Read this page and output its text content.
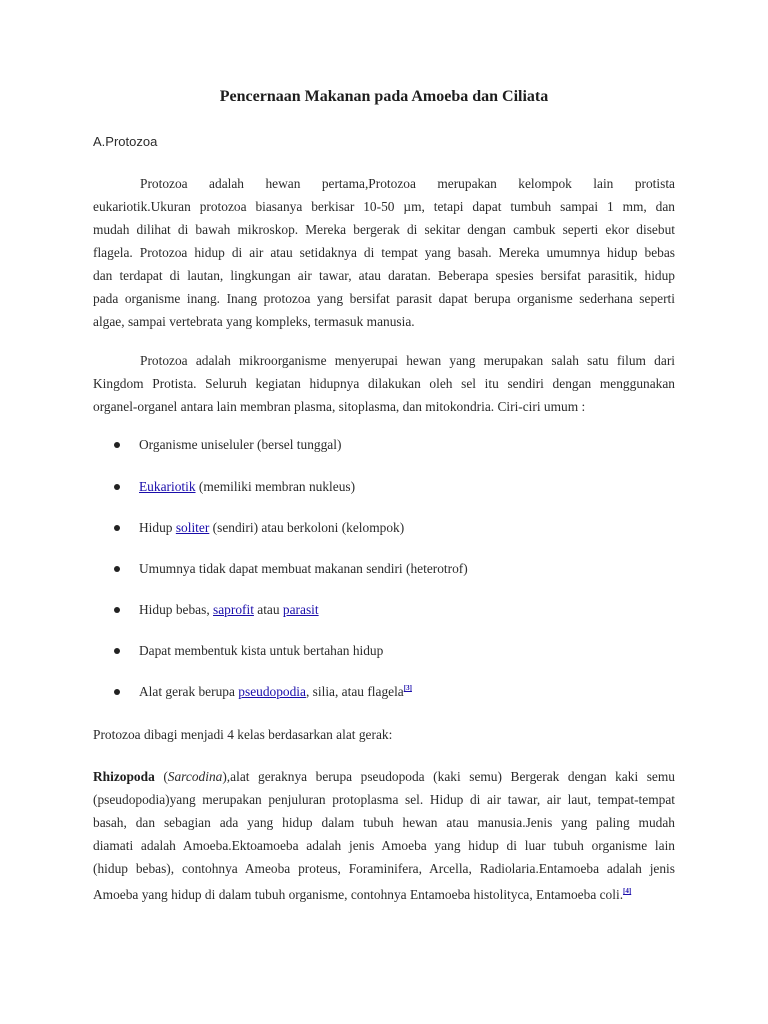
Pencernaan Makanan pada Amoeba dan Ciliata
A.Protozoa
Protozoa adalah hewan pertama,Protozoa merupakan kelompok lain protista
eukariotik.Ukuran protozoa biasanya berkisar 10-50 µm, tetapi dapat tumbuh sampai 1 mm, dan
mudah dilihat di bawah mikroskop. Mereka bergerak di sekitar dengan cambuk seperti ekor disebut
flagela. Protozoa hidup di air atau setidaknya di tempat yang basah. Mereka umumnya hidup bebas
dan terdapat di lautan, lingkungan air tawar, atau daratan. Beberapa spesies bersifat parasitik, hidup
pada organisme inang. Inang protozoa yang bersifat parasit dapat berupa organisme sederhana seperti
algae, sampai vertebrata yang kompleks, termasuk manusia.
Protozoa adalah mikroorganisme menyerupai hewan yang merupakan salah satu filum dari
Kingdom Protista. Seluruh kegiatan hidupnya dilakukan oleh sel itu sendiri dengan menggunakan
organel-organel antara lain membran plasma, sitoplasma, dan mitokondria. Ciri-ciri umum :
Organisme uniseluler (bersel tunggal)
Eukariotik (memiliki membran nukleus)
Hidup soliter (sendiri) atau berkoloni (kelompok)
Umumnya tidak dapat membuat makanan sendiri (heterotrof)
Hidup bebas, saprofit atau parasit
Dapat membentuk kista untuk bertahan hidup
Alat gerak berupa pseudopodia, silia, atau flagela[3]
Protozoa dibagi menjadi 4 kelas berdasarkan alat gerak:
Rhizopoda (Sarcodina),alat geraknya berupa pseudopoda (kaki semu) Bergerak dengan kaki semu
(pseudopodia)yang merupakan penjuluran protoplasma sel. Hidup di air tawar, air laut, tempat-tempat
basah, dan sebagian ada yang hidup dalam tubuh hewan atau manusia.Jenis yang paling mudah
diamati adalah Amoeba.Ektoamoeba adalah jenis Amoeba yang hidup di luar tubuh organisme lain
(hidup bebas), contohnya Ameoba proteus, Foraminifera, Arcella, Radiolaria.Entamoeba adalah jenis
Amoeba yang hidup di dalam tubuh organisme, contohnya Entamoeba histolityca, Entamoeba coli.[4]
